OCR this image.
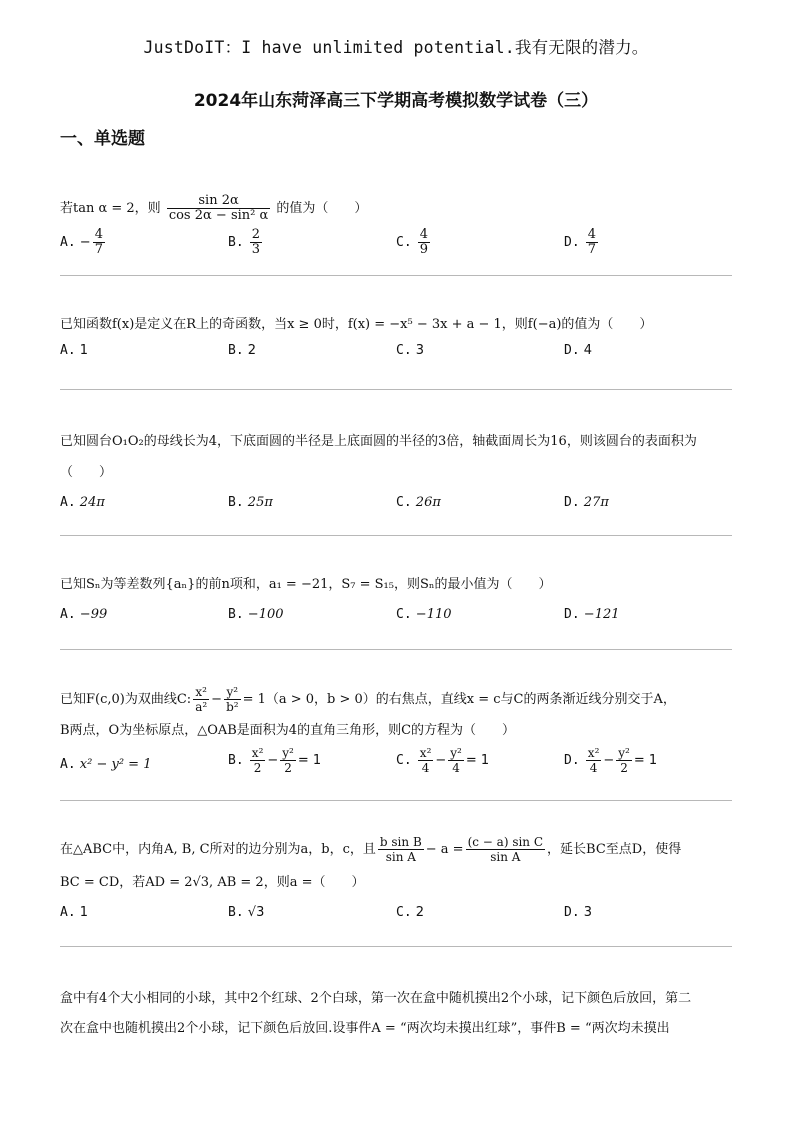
JustDoIT：I have unlimited potential.我有无限的潜力。
2024年山东菏泽高三下学期高考模拟数学试卷（三）
一、单选题
若tan α = 2，则 $\frac{\sin 2\alpha}{\text{cos 2α − sin² α}}$ 的值为（　　）
A. − $\frac{4}{7}$	B. $\frac{2}{3}$	C. $\frac{4}{9}$	D. $\frac{4}{7}$
已知函数f(x)是定义在R上的奇函数，当x ≥ 0时，f(x) = −x⁵ − 3x + a − 1，则f(−a)的值为（　　）
A. 1	B. 2	C. 3	D. 4
已知圆台O₁O₂的母线长为4，下底面圆的半径是上底面圆的半径的3倍，轴截面周长为16，则该圆台的表面积为（　　）
A. 24π	B. 25π	C. 26π	D. 27π
已知Sₙ为等差数列{aₙ}的前n项和，a₁ = −21，S₇ = S₁₅，则Sₙ的最小值为（　　）
A. −99	B. −100	C. −110	D. −121
已知F(c,0)为双曲线C: $\frac{\text{x²}}{\text{a²}} - \frac{\text{y²}}{\text{b²}} = 1(a > 0$，b > 0）的右焦点，直线x = c与C的两条渐近线分别交于A，
B两点，O为坐标原点，△OAB是面积为4的直角三角形，则C的方程为（　　）
A. x² − y² = 1	B. $\frac{\text{x²}}{2} - \frac{\text{y²}}{2} = 1$	C. $\frac{\text{x²}}{4} - \frac{\text{y²}}{4} = 1$	D. $\frac{\text{x²}}{4} - \frac{\text{y²}}{2} = 1$
在△ABC中，内角A, B, C所对的边分别为a，b，c，且 $\frac{\text{b sin B}}{\text{sin A}} - a = \frac{\text{(c − a) sin C}}{\text{sin A}}$ ，延长BC至点D，使得
BC = CD，若AD = 2√3, AB = 2，则a =（　　）
A. 1	B. √3	C. 2	D. 3
盒中有4个大小相同的小球，其中2个红球、2个白球，第一次在盒中随机摸出2个小球，记下颜色后放回，第二
次在盒中也随机摸出2个小球，记下颜色后放回.设事件A = “两次均未摸出红球”，事件B = “两次均未摸出
